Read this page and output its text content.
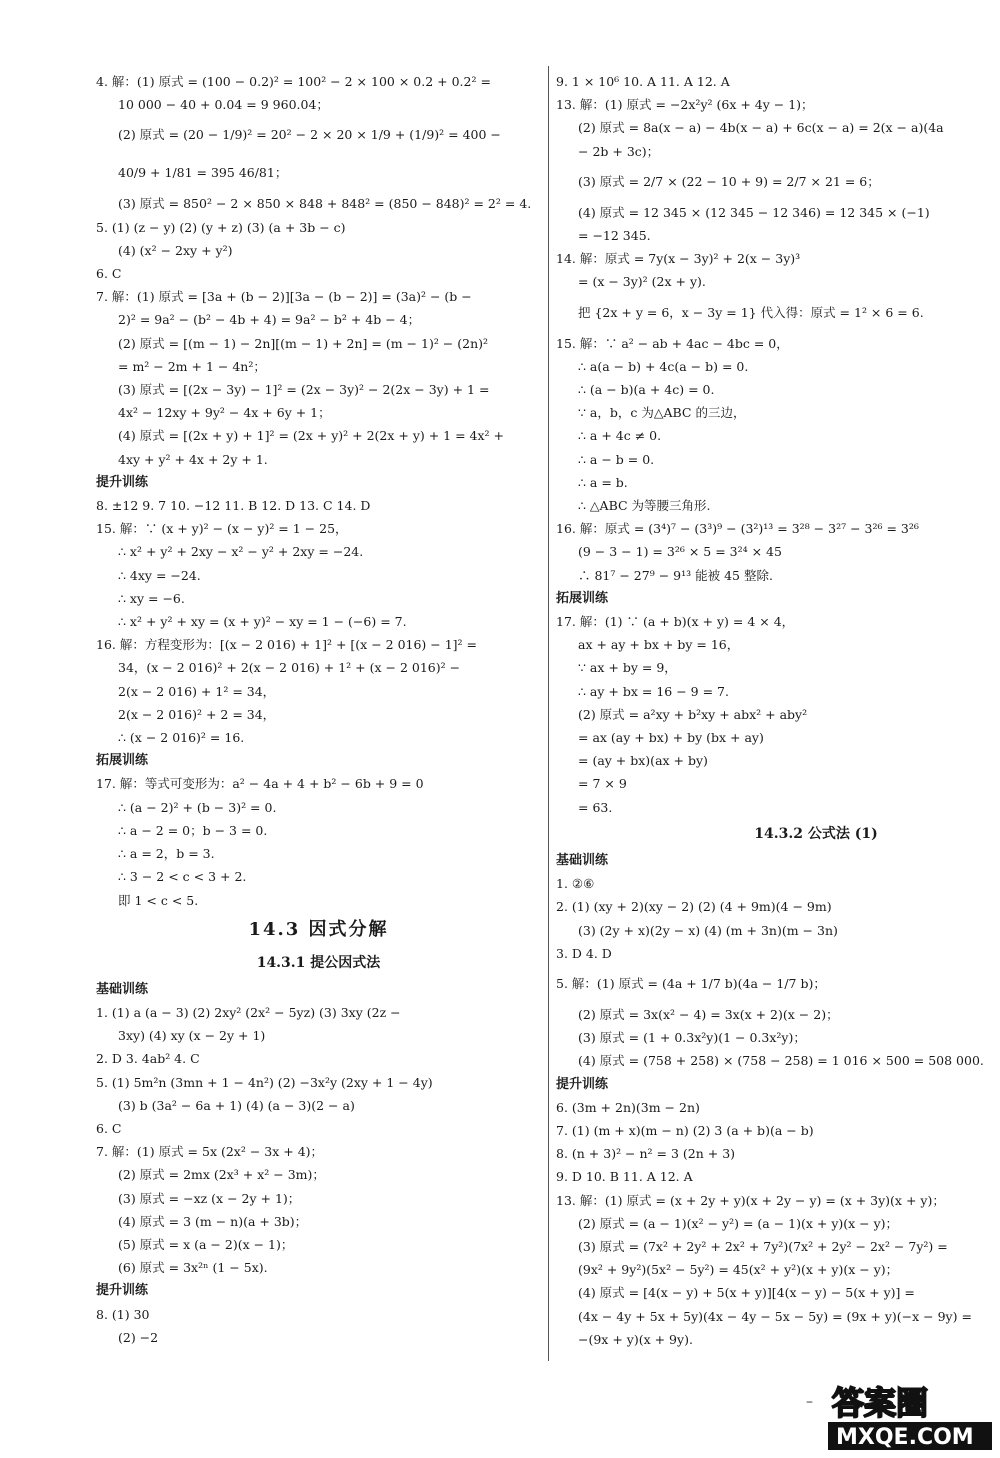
4. 解：(1) 原式 = (100 − 0.2)² = 100² − 2 × 100 × 0.2 + 0.2² =
10 000 − 40 + 0.04 = 9 960.04；
(2) 原式 = (20 − 1/9)² = 20² − 2 × 20 × 1/9 + (1/9)² = 400 −
40/9 + 1/81 = 395 46/81；
(3) 原式 = 850² − 2 × 850 × 848 + 848² = (850 − 848)² = 2² = 4.
5. (1) (z − y) (2) (y + z) (3) (a + 3b − c)
(4) (x² − 2xy + y²)
6. C
7. 解：(1) 原式 = [3a + (b − 2)][3a − (b − 2)] = (3a)² − (b −
2)² = 9a² − (b² − 4b + 4) = 9a² − b² + 4b − 4；
(2) 原式 = [(m − 1) − 2n][(m − 1) + 2n] = (m − 1)² − (2n)²
= m² − 2m + 1 − 4n²；
(3) 原式 = [(2x − 3y) − 1]² = (2x − 3y)² − 2(2x − 3y) + 1 =
4x² − 12xy + 9y² − 4x + 6y + 1；
(4) 原式 = [(2x + y) + 1]² = (2x + y)² + 2(2x + y) + 1 = 4x² +
4xy + y² + 4x + 2y + 1.
提升训练
8. ±12 9. 7 10. −12 11. B 12. D 13. C 14. D
15. 解：∵ (x + y)² − (x − y)² = 1 − 25，
∴ x² + y² + 2xy − x² − y² + 2xy = −24.
∴ 4xy = −24.
∴ xy = −6.
∴ x² + y² + xy = (x + y)² − xy = 1 − (−6) = 7.
16. 解：方程变形为：[(x − 2 016) + 1]² + [(x − 2 016) − 1]² =
34，(x − 2 016)² + 2(x − 2 016) + 1² + (x − 2 016)² −
2(x − 2 016) + 1² = 34，
2(x − 2 016)² + 2 = 34，
∴ (x − 2 016)² = 16.
拓展训练
17. 解：等式可变形为：a² − 4a + 4 + b² − 6b + 9 = 0
∴ (a − 2)² + (b − 3)² = 0.
∴ a − 2 = 0；b − 3 = 0.
∴ a = 2，b = 3.
∴ 3 − 2 < c < 3 + 2.
即 1 < c < 5.
14.3 因式分解
14.3.1 提公因式法
基础训练
1. (1) a (a − 3) (2) 2xy² (2x² − 5yz) (3) 3xy (2z −
3xy) (4) xy (x − 2y + 1)
2. D 3. 4ab² 4. C
5. (1) 5m²n (3mn + 1 − 4n²) (2) −3x²y (2xy + 1 − 4y)
(3) b (3a² − 6a + 1) (4) (a − 3)(2 − a)
6. C
7. 解：(1) 原式 = 5x (2x² − 3x + 4)；
(2) 原式 = 2mx (2x³ + x² − 3m)；
(3) 原式 = −xz (x − 2y + 1)；
(4) 原式 = 3 (m − n)(a + 3b)；
(5) 原式 = x (a − 2)(x − 1)；
(6) 原式 = 3x²ⁿ (1 − 5x).
提升训练
8. (1) 30
(2) −2
9. 1 × 10⁶ 10. A 11. A 12. A
13. 解：(1) 原式 = −2x²y² (6x + 4y − 1)；
(2) 原式 = 8a(x − a) − 4b(x − a) + 6c(x − a) = 2(x − a)(4a
− 2b + 3c)；
(3) 原式 = 2/7 × (22 − 10 + 9) = 2/7 × 21 = 6；
(4) 原式 = 12 345 × (12 345 − 12 346) = 12 345 × (−1)
= −12 345.
14. 解：原式 = 7y(x − 3y)² + 2(x − 3y)³
= (x − 3y)² (2x + y).
把 {2x + y = 6，x − 3y = 1} 代入得：原式 = 1² × 6 = 6.
15. 解：∵ a² − ab + 4ac − 4bc = 0，
∴ a(a − b) + 4c(a − b) = 0.
∴ (a − b)(a + 4c) = 0.
∵ a，b，c 为△ABC 的三边，
∴ a + 4c ≠ 0.
∴ a − b = 0.
∴ a = b.
∴ △ABC 为等腰三角形.
16. 解：原式 = (3⁴)⁷ − (3³)⁹ − (3²)¹³ = 3²⁸ − 3²⁷ − 3²⁶ = 3²⁶
(9 − 3 − 1) = 3²⁶ × 5 = 3²⁴ × 45
∴ 81⁷ − 27⁹ − 9¹³ 能被 45 整除.
拓展训练
17. 解：(1) ∵ (a + b)(x + y) = 4 × 4，
ax + ay + bx + by = 16，
∵ ax + by = 9，
∴ ay + bx = 16 − 9 = 7.
(2) 原式 = a²xy + b²xy + abx² + aby²
= ax (ay + bx) + by (bx + ay)
= (ay + bx)(ax + by)
= 7 × 9
= 63.
14.3.2 公式法 (1)
基础训练
1. ②⑥
2. (1) (xy + 2)(xy − 2) (2) (4 + 9m)(4 − 9m)
(3) (2y + x)(2y − x) (4) (m + 3n)(m − 3n)
3. D 4. D
5. 解：(1) 原式 = (4a + 1/7 b)(4a − 1/7 b)；
(2) 原式 = 3x(x² − 4) = 3x(x + 2)(x − 2)；
(3) 原式 = (1 + 0.3x²y)(1 − 0.3x²y)；
(4) 原式 = (758 + 258) × (758 − 258) = 1 016 × 500 = 508 000.
提升训练
6. (3m + 2n)(3m − 2n)
7. (1) (m + x)(m − n) (2) 3 (a + b)(a − b)
8. (n + 3)² − n² = 3 (2n + 3)
9. D 10. B 11. A 12. A
13. 解：(1) 原式 = (x + 2y + y)(x + 2y − y) = (x + 3y)(x + y)；
(2) 原式 = (a − 1)(x² − y²) = (a − 1)(x + y)(x − y)；
(3) 原式 = (7x² + 2y² + 2x² + 7y²)(7x² + 2y² − 2x² − 7y²) =
(9x² + 9y²)(5x² − 5y²) = 45(x² + y²)(x + y)(x − y)；
(4) 原式 = [4(x − y) + 5(x + y)][4(x − y) − 5(x + y)] =
(4x − 4y + 5x + 5y)(4x − 4y − 5x − 5y) = (9x + y)(−x − 9y) =
−(9x + y)(x + 9y).
– 答案圈
MXQE.COM
